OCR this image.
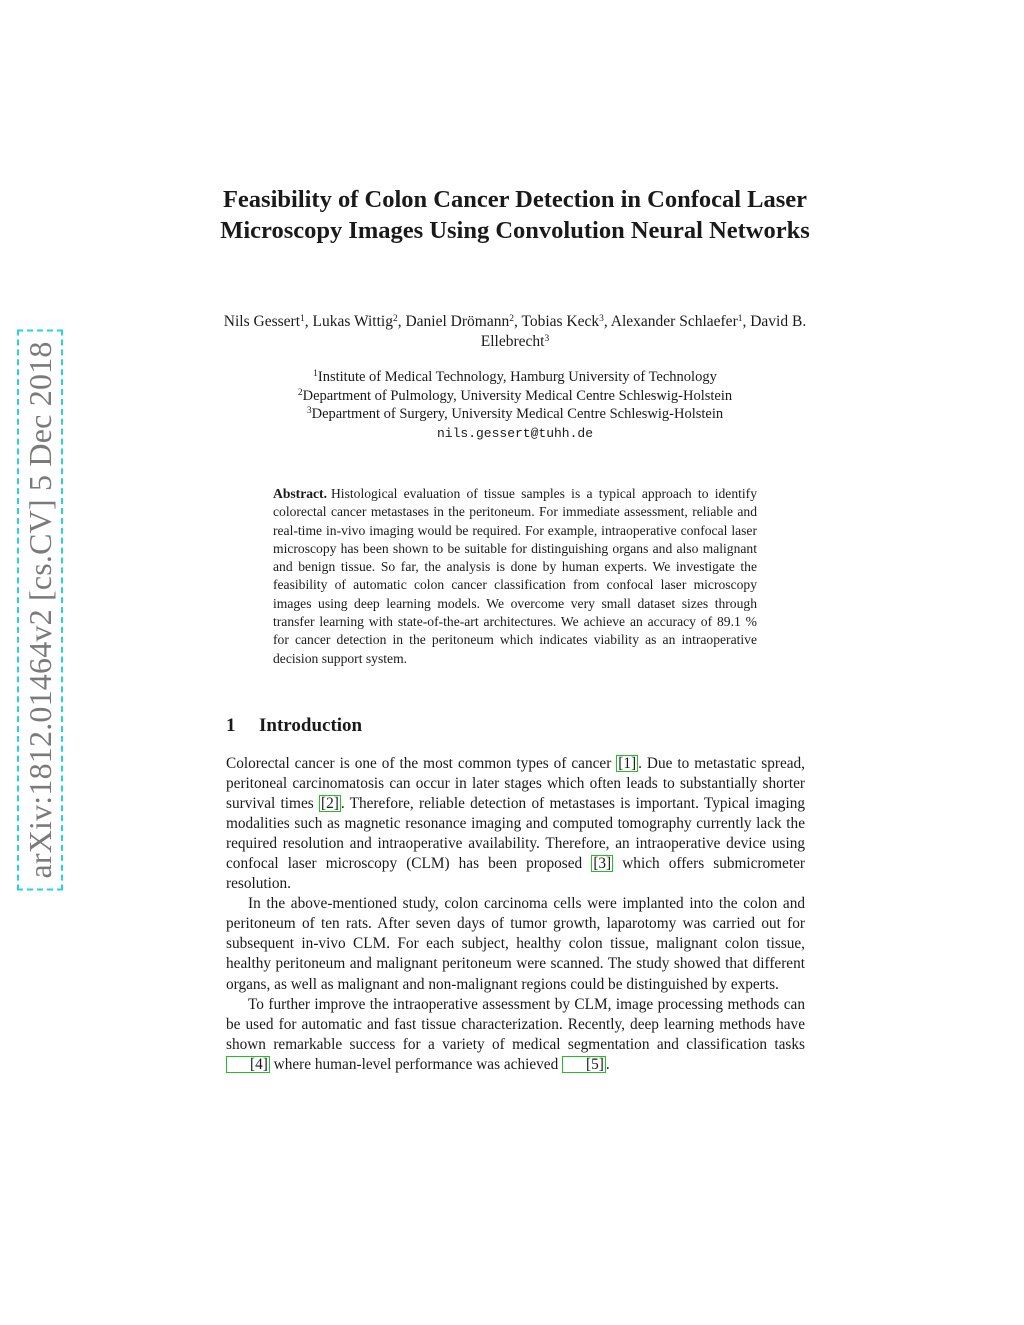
arXiv:1812.01464v2 [cs.CV] 5 Dec 2018
Feasibility of Colon Cancer Detection in Confocal Laser Microscopy Images Using Convolution Neural Networks
Nils Gessert$^1$, Lukas Wittig$^2$, Daniel Drömann$^2$, Tobias Keck$^3$, Alexander Schlaefer$^1$, David B. Ellebrecht$^3$
$^1$Institute of Medical Technology, Hamburg University of Technology
$^2$Department of Pulmology, University Medical Centre Schleswig-Holstein
$^3$Department of Surgery, University Medical Centre Schleswig-Holstein
nils.gessert@tuhh.de

Abstract. Histological evaluation of tissue samples is a typical approach to identify colorectal cancer metastases in the peritoneum. For immediate assessment, reliable and real-time in-vivo imaging would be required. For example, intraoperative confocal laser microscopy has been shown to be suitable for distinguishing organs and also malignant and benign tissue. So far, the analysis is done by human experts. We investigate the feasibility of automatic colon cancer classification from confocal laser microscopy images using deep learning models. We overcome very small dataset sizes through transfer learning with state-of-the-art architectures. We achieve an accuracy of 89.1 % for cancer detection in the peritoneum which indicates viability as an intraoperative decision support system.

1 Introduction

Colorectal cancer is one of the most common types of cancer [1] . Due to metastatic spread, peritoneal carcinomatosis can occur in later stages which often leads to substantially shorter survival times [2] . Therefore, reliable detection of metastases is important. Typical imaging modalities such as magnetic resonance imaging and computed tomography currently lack the required resolution and intraoperative availability. Therefore, an intraoperative device using confocal laser microscopy (CLM) has been proposed [3] which offers submicrometer resolution.

In the above-mentioned study, colon carcinoma cells were implanted into the colon and peritoneum of ten rats. After seven days of tumor growth, laparotomy was carried out for subsequent in-vivo CLM. For each subject, healthy colon tissue, malignant colon tissue, healthy peritoneum and malignant peritoneum were scanned. The study showed that different organs, as well as malignant and non-malignant regions could be distinguished by experts.

To further improve the intraoperative assessment by CLM, image processing methods can be used for automatic and fast tissue characterization. Recently, deep learning methods have shown remarkable success for a variety of medical segmentation and classification tasks [4] where human-level performance was achieved [5] .
